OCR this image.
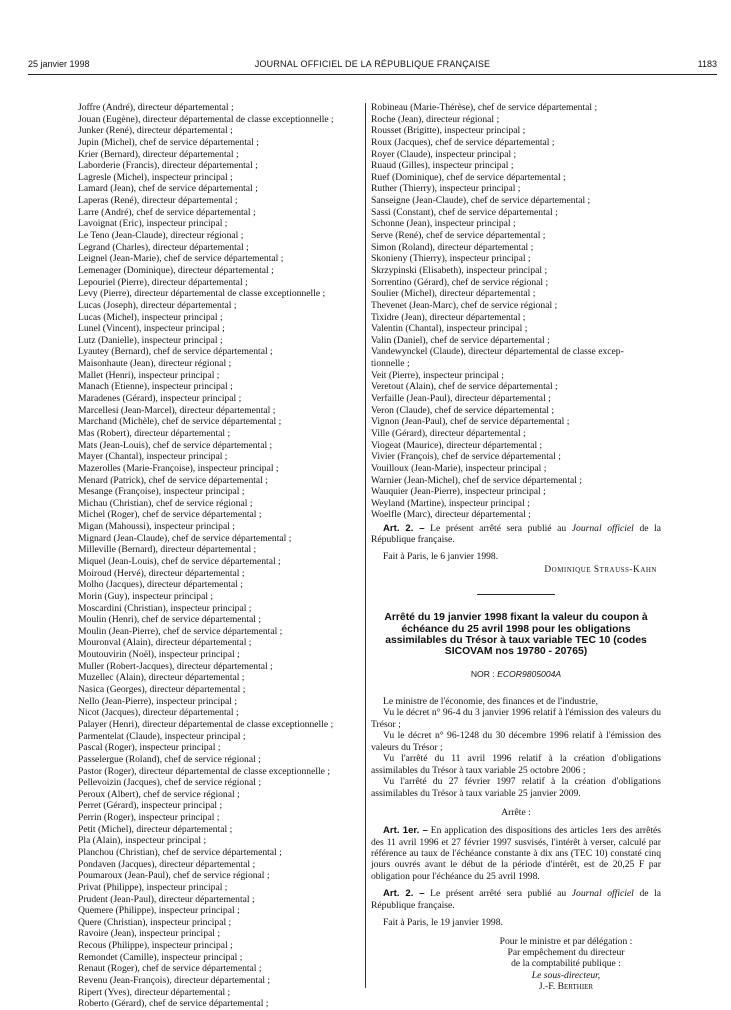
25 janvier 1998	JOURNAL OFFICIEL DE LA RÉPUBLIQUE FRANÇAISE	1183
Joffre (André), directeur départemental ;
Jouan (Eugène), directeur départemental de classe exceptionnelle ;
Junker (René), directeur départemental ;
Jupin (Michel), chef de service départemental ;
Krier (Bernard), directeur départemental ;
Laborderie (Francis), directeur départemental ;
Lagresle (Michel), inspecteur principal ;
Lamard (Jean), chef de service départemental ;
Laperas (René), directeur départemental ;
Larre (André), chef de service départemental ;
Lavoignat (Eric), inspecteur principal ;
Le Teno (Jean-Claude), directeur régional ;
Legrand (Charles), directeur départemental ;
Leignel (Jean-Marie), chef de service départemental ;
Lemenager (Dominique), directeur départemental ;
Lepouriel (Pierre), directeur départemental ;
Levy (Pierre), directeur départemental de classe exceptionnelle ;
Lucas (Joseph), directeur départemental ;
Lucas (Michel), inspecteur principal ;
Lunel (Vincent), inspecteur principal ;
Lutz (Danielle), inspecteur principal ;
Lyautey (Bernard), chef de service départemental ;
Maisonhaute (Jean), directeur régional ;
Mallet (Henri), inspecteur principal ;
Manach (Etienne), inspecteur principal ;
Maradenes (Gérard), inspecteur principal ;
Marcellesi (Jean-Marcel), directeur départemental ;
Marchand (Michèle), chef de service départemental ;
Mas (Robert), directeur départemental ;
Mats (Jean-Louis), chef de service départemental ;
Mayer (Chantal), inspecteur principal ;
Mazerolles (Marie-Françoise), inspecteur principal ;
Menard (Patrick), chef de service départemental ;
Mesange (Françoise), inspecteur principal ;
Michau (Christian), chef de service régional ;
Michel (Roger), chef de service départemental ;
Migan (Mahoussi), inspecteur principal ;
Mignard (Jean-Claude), chef de service départemental ;
Milleville (Bernard), directeur départemental ;
Miquel (Jean-Louis), chef de service départemental ;
Moiroud (Hervé), directeur départemental ;
Molho (Jacques), directeur départemental ;
Morin (Guy), inspecteur principal ;
Moscardini (Christian), inspecteur principal ;
Moulin (Henri), chef de service départemental ;
Moulin (Jean-Pierre), chef de service départemental ;
Mouronval (Alain), directeur départemental ;
Moutouvirin (Noël), inspecteur principal ;
Muller (Robert-Jacques), directeur départemental ;
Muzellec (Alain), directeur départemental ;
Nasica (Georges), directeur départemental ;
Nello (Jean-Pierre), inspecteur principal ;
Nicot (Jacques), directeur départemental ;
Palayer (Henri), directeur départemental de classe exceptionnelle ;
Parmentelat (Claude), inspecteur principal ;
Pascal (Roger), inspecteur principal ;
Passelergue (Roland), chef de service régional ;
Pastor (Roger), directeur départemental de classe exceptionnelle ;
Pellevoizin (Jacques), chef de service régional ;
Peroux (Albert), chef de service régional ;
Perret (Gérard), inspecteur principal ;
Perrin (Roger), inspecteur principal ;
Petit (Michel), directeur départemental ;
Pla (Alain), inspecteur principal ;
Planchou (Christian), chef de service départemental ;
Pondaven (Jacques), directeur départemental ;
Poumaroux (Jean-Paul), chef de service régional ;
Privat (Philippe), inspecteur principal ;
Prudent (Jean-Paul), directeur départemental ;
Quemere (Philippe), inspecteur principal ;
Quere (Christian), inspecteur principal ;
Ravoire (Jean), inspecteur principal ;
Recous (Philippe), inspecteur principal ;
Remondet (Camille), inspecteur principal ;
Renaut (Roger), chef de service départemental ;
Revenu (Jean-François), directeur départemental ;
Ripert (Yves), directeur départemental ;
Roberto (Gérard), chef de service départemental ;
Robineau (Marie-Thérèse), chef de service départemental ;
Roche (Jean), directeur régional ;
Rousset (Brigitte), inspecteur principal ;
Roux (Jacques), chef de service départemental ;
Royer (Claude), inspecteur principal ;
Ruaud (Gilles), inspecteur principal ;
Ruef (Dominique), chef de service départemental ;
Ruther (Thierry), inspecteur principal ;
Sanseigne (Jean-Claude), chef de service départemental ;
Sassi (Constant), chef de service départemental ;
Schonne (Jean), inspecteur principal ;
Serve (René), chef de service départemental ;
Simon (Roland), directeur départemental ;
Skonieny (Thierry), inspecteur principal ;
Skrzypinski (Elisabeth), inspecteur principal ;
Sorrentino (Gérard), chef de service régional ;
Soulier (Michel), directeur départemental ;
Thevenet (Jean-Marc), chef de service régional ;
Tixidre (Jean), directeur départemental ;
Valentin (Chantal), inspecteur principal ;
Valin (Daniel), chef de service départemental ;
Vandewynckel (Claude), directeur départemental de classe excep-
tionnelle ;
Veit (Pierre), inspecteur principal ;
Veretout (Alain), chef de service départemental ;
Verfaille (Jean-Paul), directeur départemental ;
Veron (Claude), chef de service départemental ;
Vignon (Jean-Paul), chef de service départemental ;
Ville (Gérard), directeur départemental ;
Viogeat (Maurice), directeur départemental ;
Vivier (François), chef de service départemental ;
Vouilloux (Jean-Marie), inspecteur principal ;
Warnier (Jean-Michel), chef de service départemental ;
Wauquier (Jean-Pierre), inspecteur principal ;
Weyland (Martine), inspecteur principal ;
Woelfle (Marc), directeur départemental ;
Art. 2. – Le présent arrêté sera publié au Journal officiel de la République française.
Fait à Paris, le 6 janvier 1998.
Dominique Strauss-Kahn
Arrêté du 19 janvier 1998 fixant la valeur du coupon à échéance du 25 avril 1998 pour les obligations assimilables du Trésor à taux variable TEC 10 (codes SICOVAM nos 19780 - 20765)
NOR : ECOR9805004A
Le ministre de l'économie, des finances et de l'industrie,
Vu le décret n° 96-4 du 3 janvier 1996 relatif à l'émission des valeurs du Trésor ;
Vu le décret n° 96-1248 du 30 décembre 1996 relatif à l'émission des valeurs du Trésor ;
Vu l'arrêté du 11 avril 1996 relatif à la création d'obligations assimilables du Trésor à taux variable 25 octobre 2006 ;
Vu l'arrêté du 27 février 1997 relatif à la création d'obligations assimilables du Trésor à taux variable 25 janvier 2009.
Arrête :
Art. 1er. – En application des dispositions des articles 1ers des arrêtés des 11 avril 1996 et 27 février 1997 susvisés, l'intérêt à verser, calculé par référence au taux de l'échéance constante à dix ans (TEC 10) constaté cinq jours ouvrés avant le début de la période d'intérêt, est de 20,25 F par obligation pour l'échéance du 25 avril 1998.
Art. 2. – Le présent arrêté sera publié au Journal officiel de la République française.
Fait à Paris, le 19 janvier 1998.
Pour le ministre et par délégation :
Par empêchement du directeur
de la comptabilité publique :
Le sous-directeur,
J.-F. Berthier
